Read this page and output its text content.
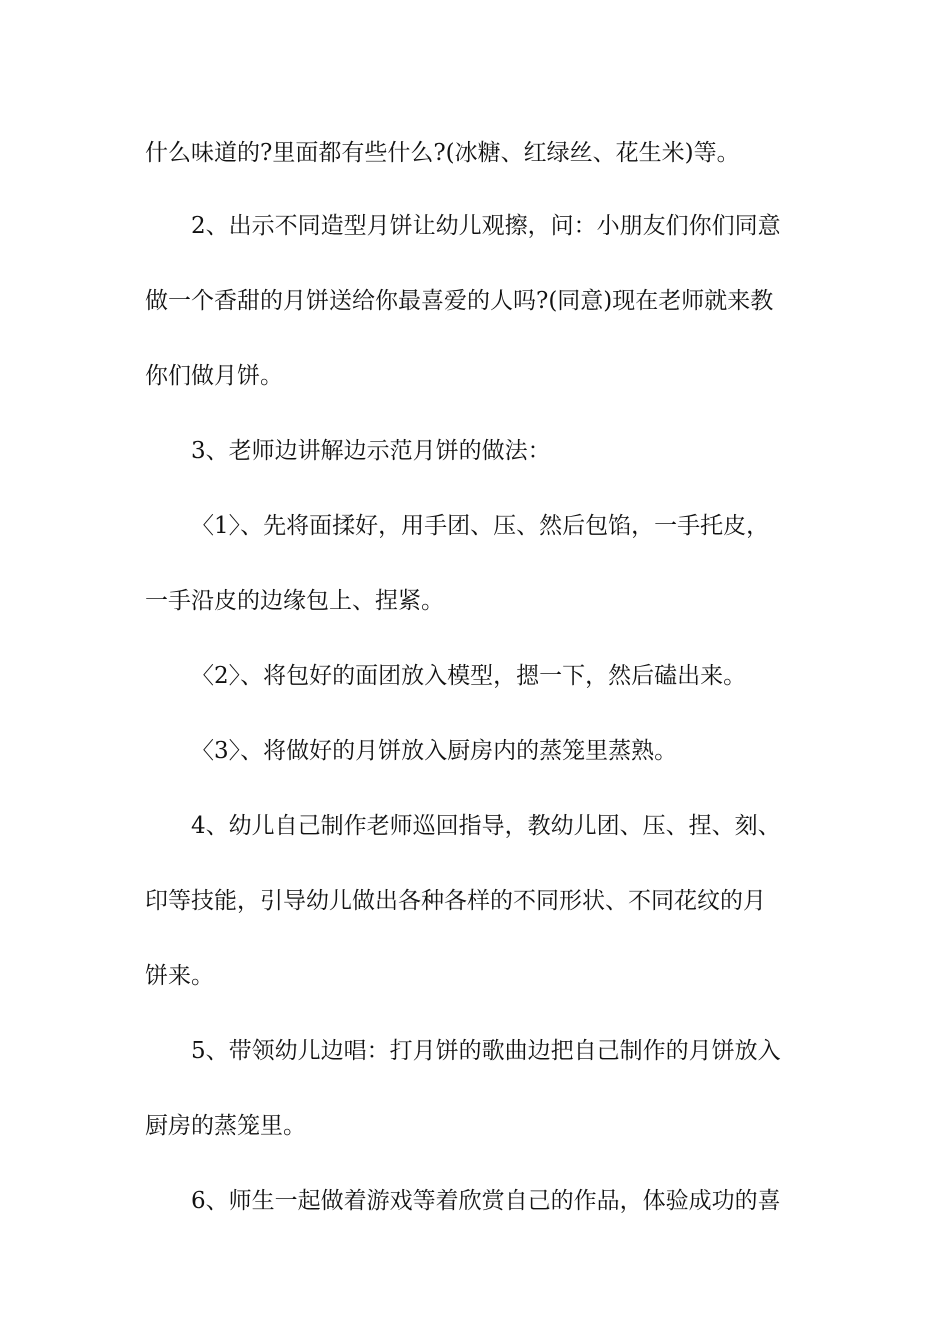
什么味道的?里面都有些什么?(冰糖、红绿丝、花生米)等。
2、出示不同造型月饼让幼儿观擦，问：小朋友们你们同意
做一个香甜的月饼送给你最喜爱的人吗?(同意)现在老师就来教
你们做月饼。
3、老师边讲解边示范月饼的做法：
〈1〉、先将面揉好，用手团、压、然后包馅，一手托皮，
一手沿皮的边缘包上、捏紧。
〈2〉、将包好的面团放入模型，摁一下，然后磕出来。
〈3〉、将做好的月饼放入厨房内的蒸笼里蒸熟。
4、幼儿自己制作老师巡回指导，教幼儿团、压、捏、刻、
印等技能，引导幼儿做出各种各样的不同形状、不同花纹的月
饼来。
5、带领幼儿边唱：打月饼的歌曲边把自己制作的月饼放入
厨房的蒸笼里。
6、师生一起做着游戏等着欣赏自己的作品，体验成功的喜
